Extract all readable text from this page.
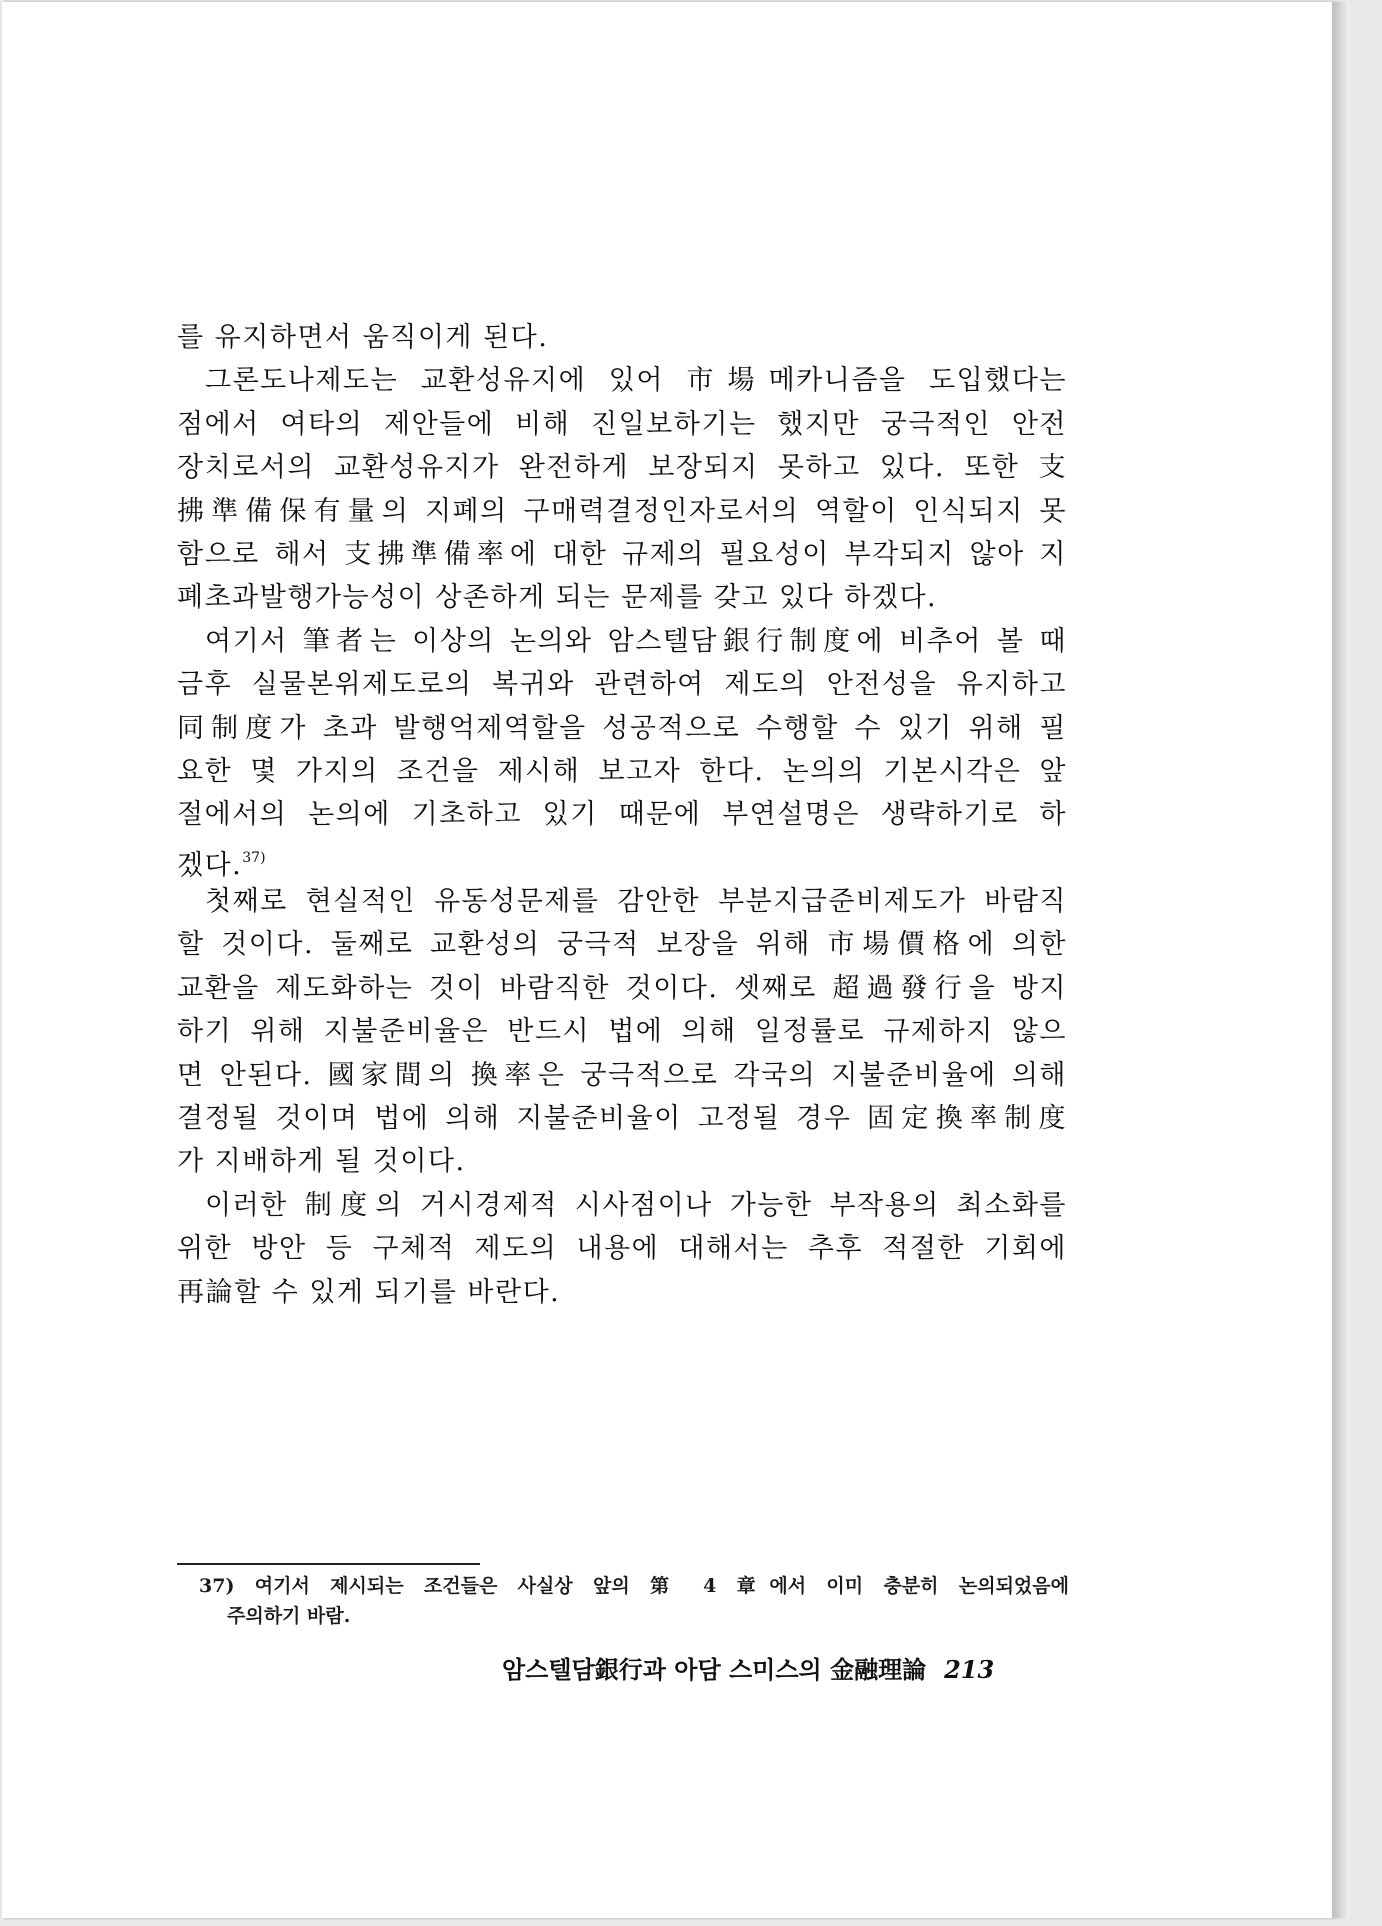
를 유지하면서 움직이게 된다.
그론도나제도는 교환성유지에 있어 市場메카니즘을 도입했다는
점에서 여타의 제안들에 비해 진일보하기는 했지만 궁극적인 안전
장치로서의 교환성유지가 완전하게 보장되지 못하고 있다. 또한 支
拂準備保有量의 지폐의 구매력결정인자로서의 역할이 인식되지 못
함으로 해서 支拂準備率에 대한 규제의 필요성이 부각되지 않아 지
폐초과발행가능성이 상존하게 되는 문제를 갖고 있다 하겠다.
여기서 筆者는 이상의 논의와 암스텔담銀行制度에 비추어 볼 때
금후 실물본위제도로의 복귀와 관련하여 제도의 안전성을 유지하고
同制度가 초과 발행억제역할을 성공적으로 수행할 수 있기 위해 필
요한 몇 가지의 조건을 제시해 보고자 한다. 논의의 기본시각은 앞
절에서의 논의에 기초하고 있기 때문에 부연설명은 생략하기로 하
겠다.$^{37)}$
첫째로 현실적인 유동성문제를 감안한 부분지급준비제도가 바람직
할 것이다. 둘째로 교환성의 궁극적 보장을 위해 市場價格에 의한
교환을 제도화하는 것이 바람직한 것이다. 셋째로 超過發行을 방지
하기 위해 지불준비율은 반드시 법에 의해 일정률로 규제하지 않으
면 안된다. 國家間의 換率은 궁극적으로 각국의 지불준비율에 의해
결정될 것이며 법에 의해 지불준비율이 고정될 경우 固定換率制度
가 지배하게 될 것이다.
이러한 制度의 거시경제적 시사점이나 가능한 부작용의 최소화를
위한 방안 등 구체적 제도의 내용에 대해서는 추후 적절한 기회에
再論할 수 있게 되기를 바란다.
37) 여기서 제시되는 조건들은 사실상 앞의 第 4 章에서 이미 충분히 논의되었음에
주의하기 바람.
암스텔담銀行과 아담 스미스의 金融理論 213
